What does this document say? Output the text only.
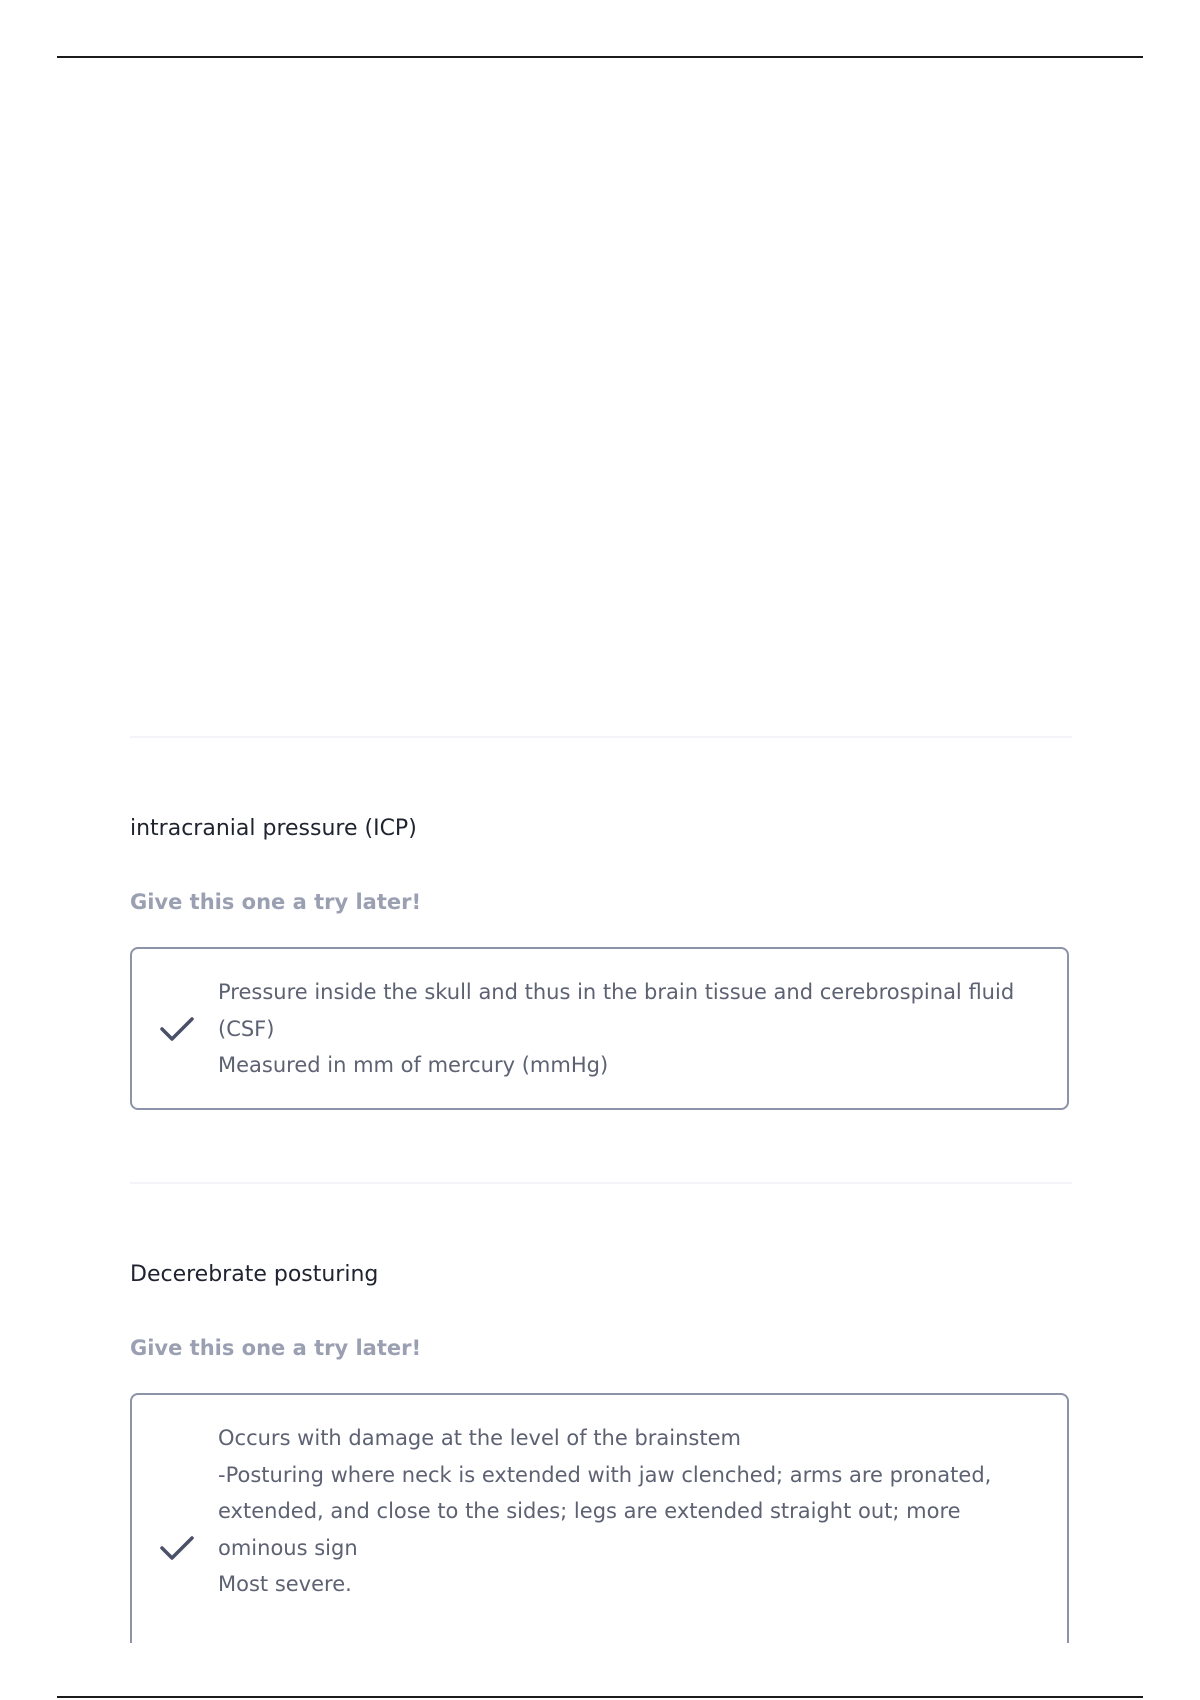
intracranial pressure (ICP)
Give this one a try later!
Pressure inside the skull and thus in the brain tissue and cerebrospinal fluid (CSF)
Measured in mm of mercury (mmHg)
Decerebrate posturing
Give this one a try later!
Occurs with damage at the level of the brainstem
-Posturing where neck is extended with jaw clenched; arms are pronated, extended, and close to the sides; legs are extended straight out; more ominous sign
Most severe.
